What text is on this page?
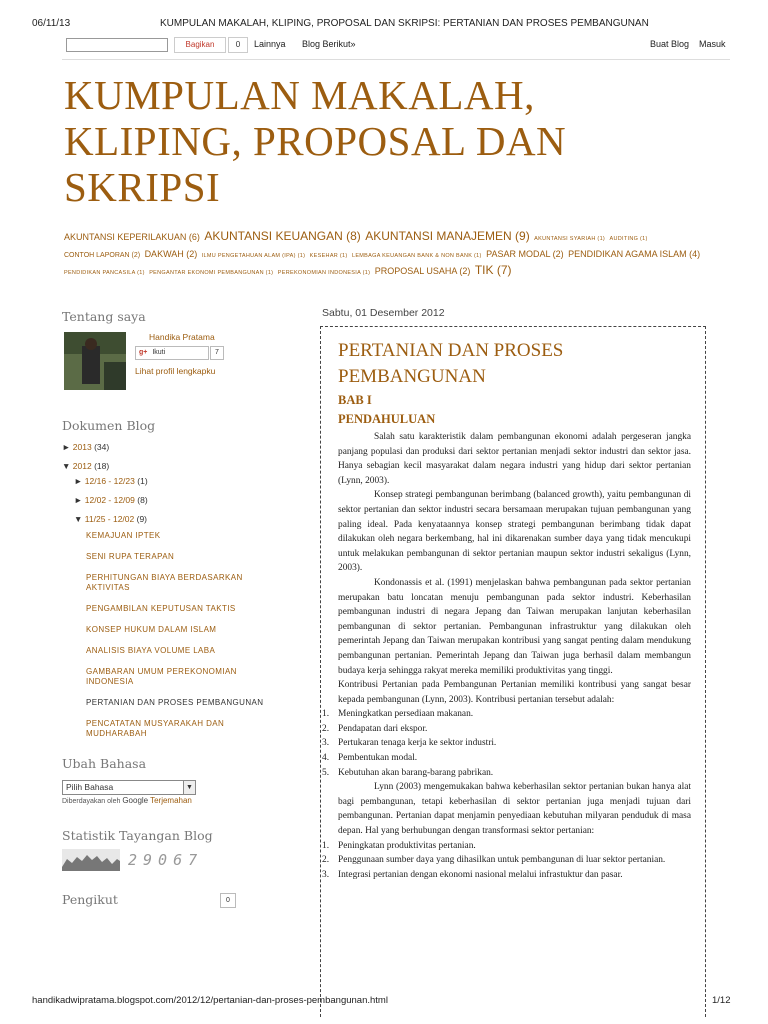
06/11/13	KUMPULAN MAKALAH, KLIPING, PROPOSAL DAN SKRIPSI: PERTANIAN DAN PROSES PEMBANGUNAN
Bagikan	0	Lainnya Blog Berikut»	Buat Blog Masuk
KUMPULAN MAKALAH, KLIPING, PROPOSAL DAN SKRIPSI
AKUNTANSI KEPERILAKUAN (6) AKUNTANSI KEUANGAN (8) AKUNTANSI MANAJEMEN (9) AKUNTANSI SYARIAH (1) AUDITING (1) CONTOH LAPORAN (2) DAKWAH (2) ILMU PENGETAHUAN ALAM (IPA) (1) KESEHAR (1) LEMBAGA KEUANGAN BANK & NON BANK (1) PASAR MODAL (2) PENDIDIKAN AGAMA ISLAM (4) PENDIDIKAN PANCASILA (1) PENGANTAR EKONOMI PEMBANGUNAN (1) PEREKONOMIAN INDONESIA (1) PROPOSAL USAHA (2) TIK (7)
Tentang saya
Handika Pratama
g+ Ikuti	7
Lihat profil lengkapku
Dokumen Blog
► 2013 (34)
▼ 2012 (18)
► 12/16 - 12/23 (1)
► 12/02 - 12/09 (8)
▼ 11/25 - 12/02 (9)
KEMAJUAN IPTEK
SENI RUPA TERAPAN
PERHITUNGAN BIAYA BERDASARKAN AKTIVITAS
PENGAMBILAN KEPUTUSAN TAKTIS
KONSEP HUKUM DALAM ISLAM
ANALISIS BIAYA VOLUME LABA
GAMBARAN UMUM PEREKONOMIAN INDONESIA
PERTANIAN DAN PROSES PEMBANGUNAN
PENCATATAN MUSYARAKAH DAN MUDHARABAH
Ubah Bahasa
Pilih Bahasa	▼
Diberdayakan oleh Google Terjemahan
Statistik Tayangan Blog
29067
Pengikut	0
Sabtu, 01 Desember 2012
PERTANIAN DAN PROSES PEMBANGUNAN
BAB I
PENDAHULUAN

Salah satu karakteristik dalam pembangunan ekonomi adalah pergeseran jangka panjang populasi dan produksi dari sektor pertanian menjadi sektor industri dan sektor jasa. Hanya sebagian kecil masyarakat dalam negara industri yang hidup dari sektor pertanian (Lynn, 2003).

Konsep strategi pembangunan berimbang (balanced growth), yaitu pembangunan di sektor pertanian dan sektor industri secara bersamaan merupakan tujuan pembangunan yang paling ideal. Pada kenyataannya konsep strategi pembangunan berimbang tidak dapat dilakukan oleh negara berkembang, hal ini dikarenakan sumber daya yang tidak mencukupi untuk melakukan pembangunan di sektor pertanian maupun sektor industri sekaligus (Lynn, 2003).

Kondonassis et al. (1991) menjelaskan bahwa pembangunan pada sektor pertanian merupakan batu loncatan menuju pembangunan pada sektor industri. Keberhasilan pembangunan industri di negara Jepang dan Taiwan merupakan lanjutan keberhasilan pembangunan di sektor pertanian. Pembangunan infrastruktur yang dilakukan oleh pemerintah Jepang dan Taiwan merupakan kontribusi yang sangat penting dalam mendukung pembangunan pertanian. Pemerintah Jepang dan Taiwan juga berhasil dalam membangun budaya kerja sehingga rakyat mereka memiliki produktivitas yang tinggi.

Kontribusi Pertanian pada Pembangunan Pertanian memiliki kontribusi yang sangat besar kepada pembangunan (Lynn, 2003). Kontribusi pertanian tersebut adalah:

1. Meningkatkan persediaan makanan.
2. Pendapatan dari ekspor.
3. Pertukaran tenaga kerja ke sektor industri.
4. Pembentukan modal.
5. Kebutuhan akan barang-barang pabrikan.

Lynn (2003) mengemukakan bahwa keberhasilan sektor pertanian bukan hanya alat bagi pembangunan, tetapi keberhasilan di sektor pertanian juga menjadi tujuan dari pembangunan. Pertanian dapat menjamin penyediaan kebutuhan milyaran penduduk di masa depan. Hal yang berhubungan dengan transformasi sektor pertanian:

1. Peningkatan produktivitas pertanian.
2. Penggunaan sumber daya yang dihasilkan untuk pembangunan di luar sektor pertanian.
3. Integrasi pertanian dengan ekonomi nasional melalui infrastuktur dan pasar.
handikadwipratama.blogspot.com/2012/12/pertanian-dan-proses-pembangunan.html	1/12
